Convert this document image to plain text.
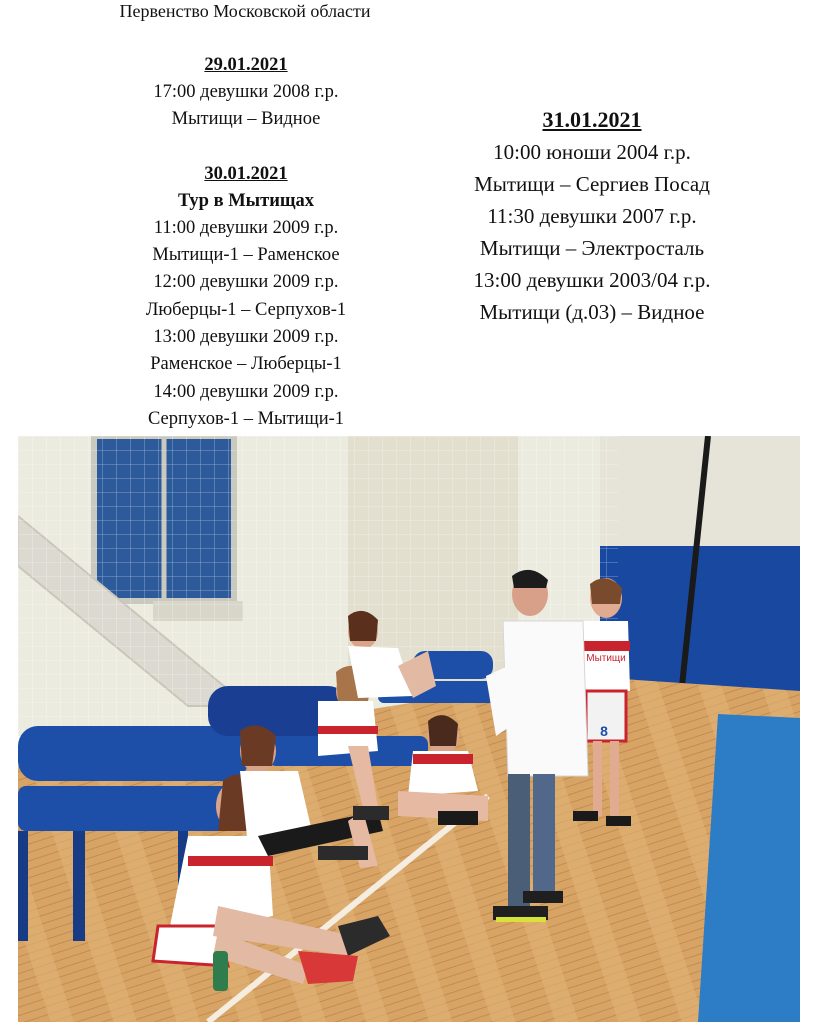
Первенство Московской области
29.01.2021
17:00 девушки 2008 г.р.
Мытищи – Видное
30.01.2021
Тур в Мытищах
11:00 девушки 2009 г.р.
Мытищи-1 – Раменское
12:00 девушки 2009 г.р.
Люберцы-1 – Серпухов-1
13:00 девушки 2009 г.р.
Раменское – Люберцы-1
14:00 девушки 2009 г.р.
Серпухов-1 – Мытищи-1
31.01.2021
10:00 юноши 2004 г.р.
Мытищи – Сергиев Посад
11:30 девушки 2007 г.р.
Мытищи – Электросталь
13:00 девушки 2003/04 г.р.
Мытищи (д.03) – Видное
Мытищи
8
